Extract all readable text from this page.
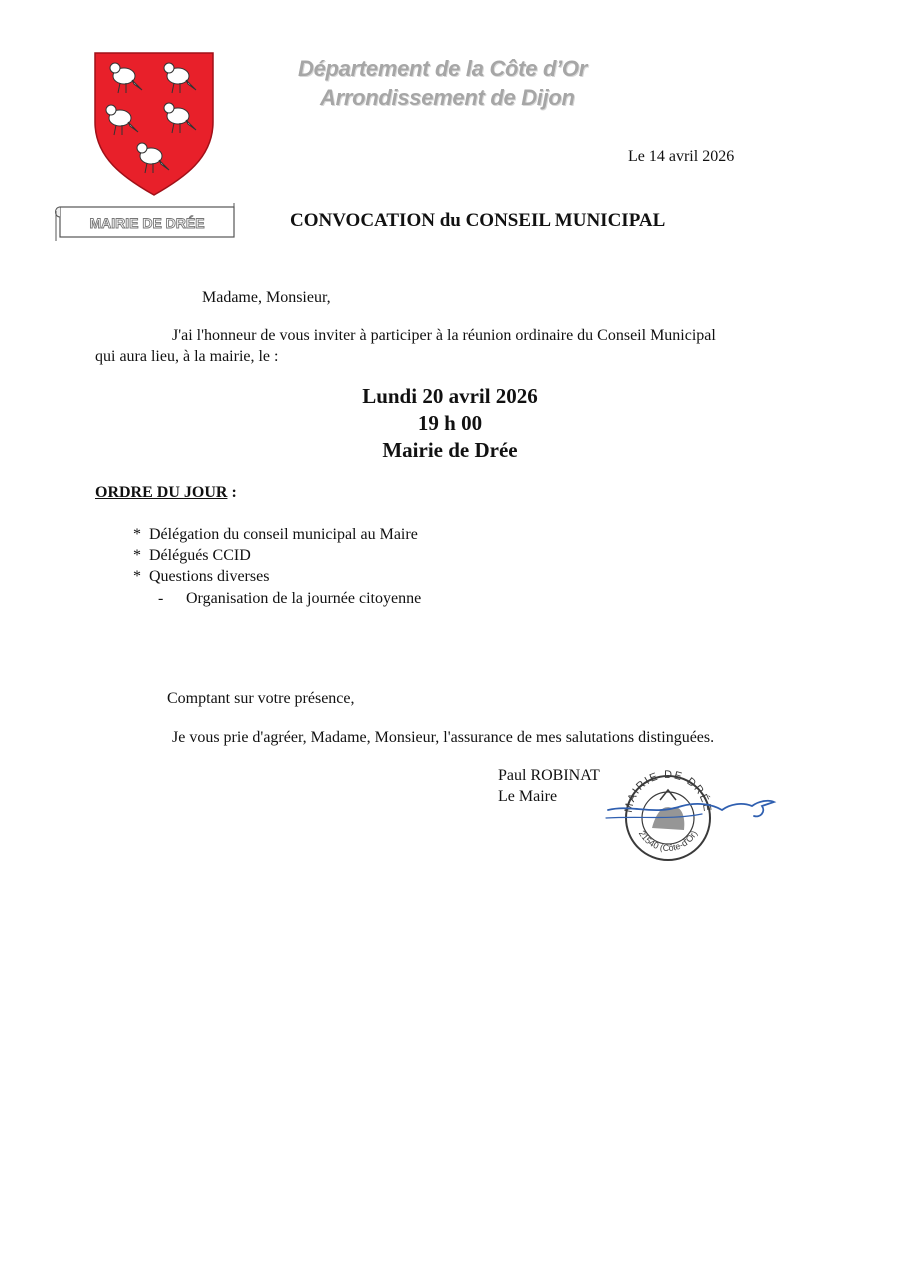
MAIRIE DE DRÉE
Département de la Côte d’Or
Arrondissement de Dijon
Le 14 avril 2026
CONVOCATION du CONSEIL MUNICIPAL
Madame, Monsieur,
J'ai l'honneur de vous inviter à participer à la réunion ordinaire du Conseil Municipal
qui aura lieu, à la mairie, le :
Lundi 20 avril 2026
19 h 00
Mairie de Drée
ORDRE DU JOUR :
* Délégation du conseil municipal au Maire
* Délégués CCID
* Questions diverses
- Organisation de la journée citoyenne
Comptant sur votre présence,
Je vous prie d'agréer, Madame, Monsieur, l'assurance de mes salutations distinguées.
Paul ROBINAT
Le Maire
MAIRIE DE DRÉE
21540 (Côte-d'Or)
